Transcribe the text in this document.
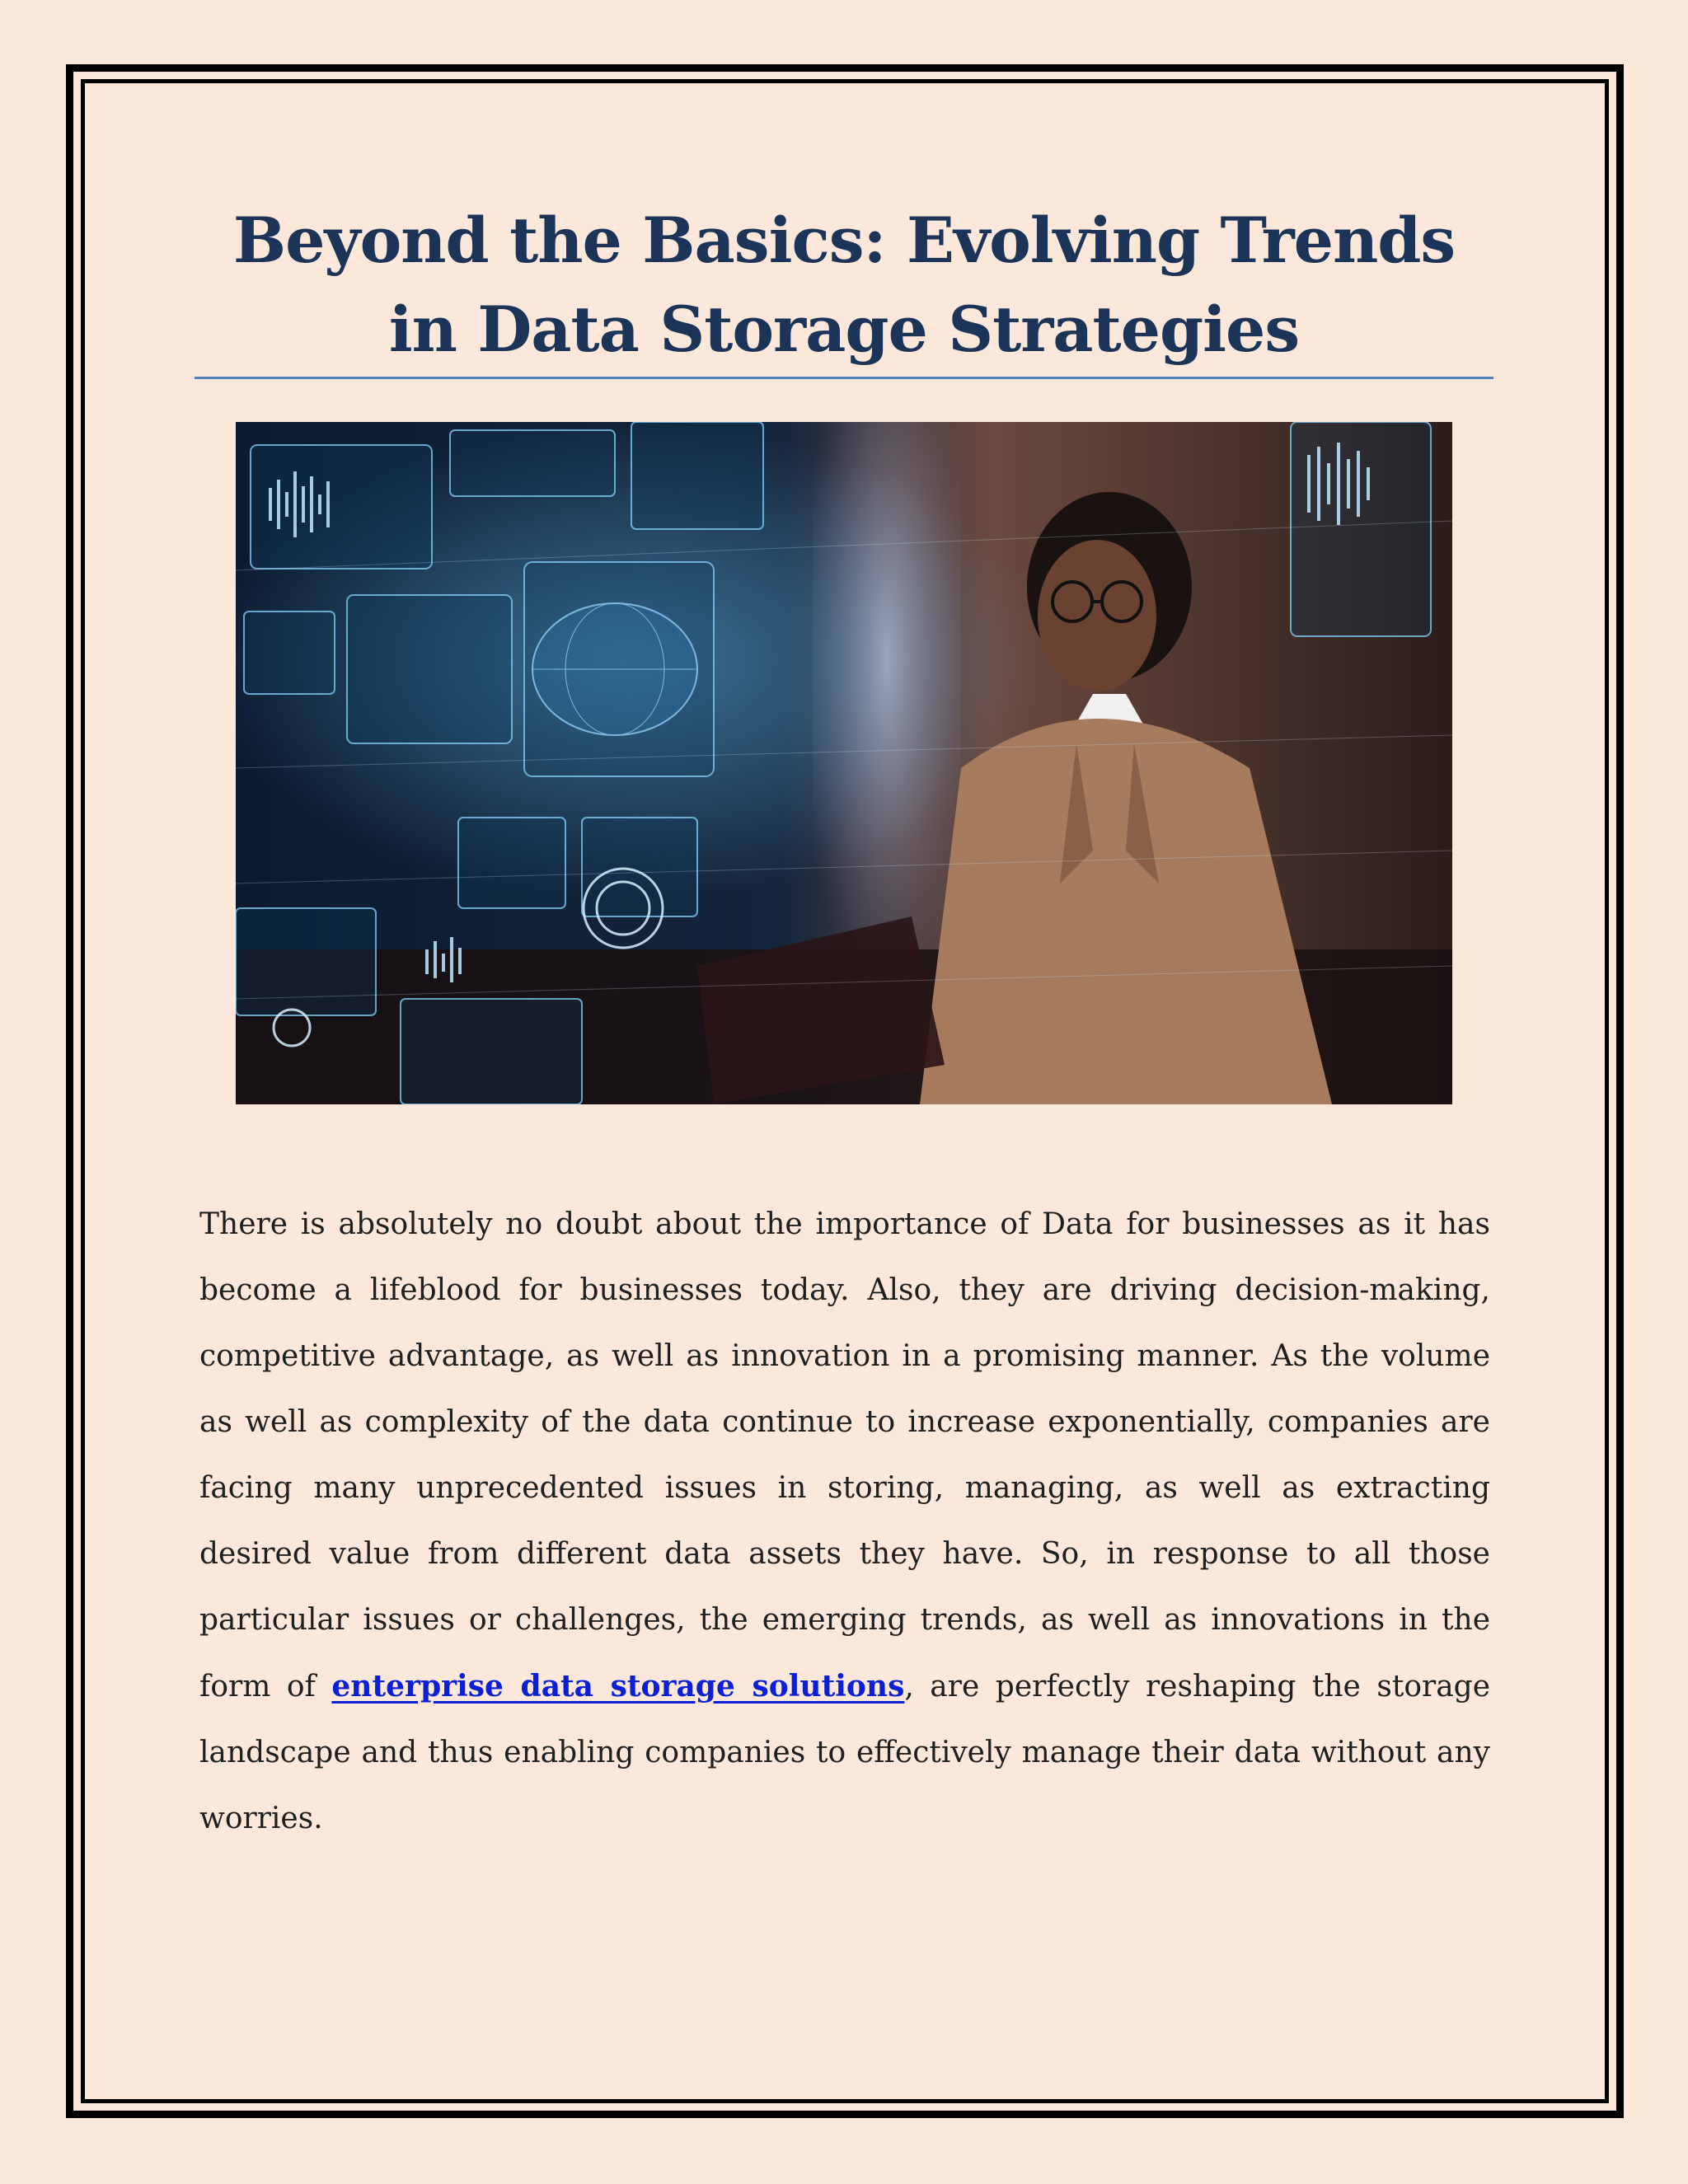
Beyond the Basics: Evolving Trends in Data Storage Strategies

There is absolutely no doubt about the importance of Data for businesses as it has become a lifeblood for businesses today. Also, they are driving decision-making, competitive advantage, as well as innovation in a promising manner. As the volume as well as complexity of the data continue to increase exponentially, companies are facing many unprecedented issues in storing, managing, as well as extracting desired value from different data assets they have. So, in response to all those particular issues or challenges, the emerging trends, as well as innovations in the form of enterprise data storage solutions, are perfectly reshaping the storage landscape and thus enabling companies to effectively manage their data without any worries.
